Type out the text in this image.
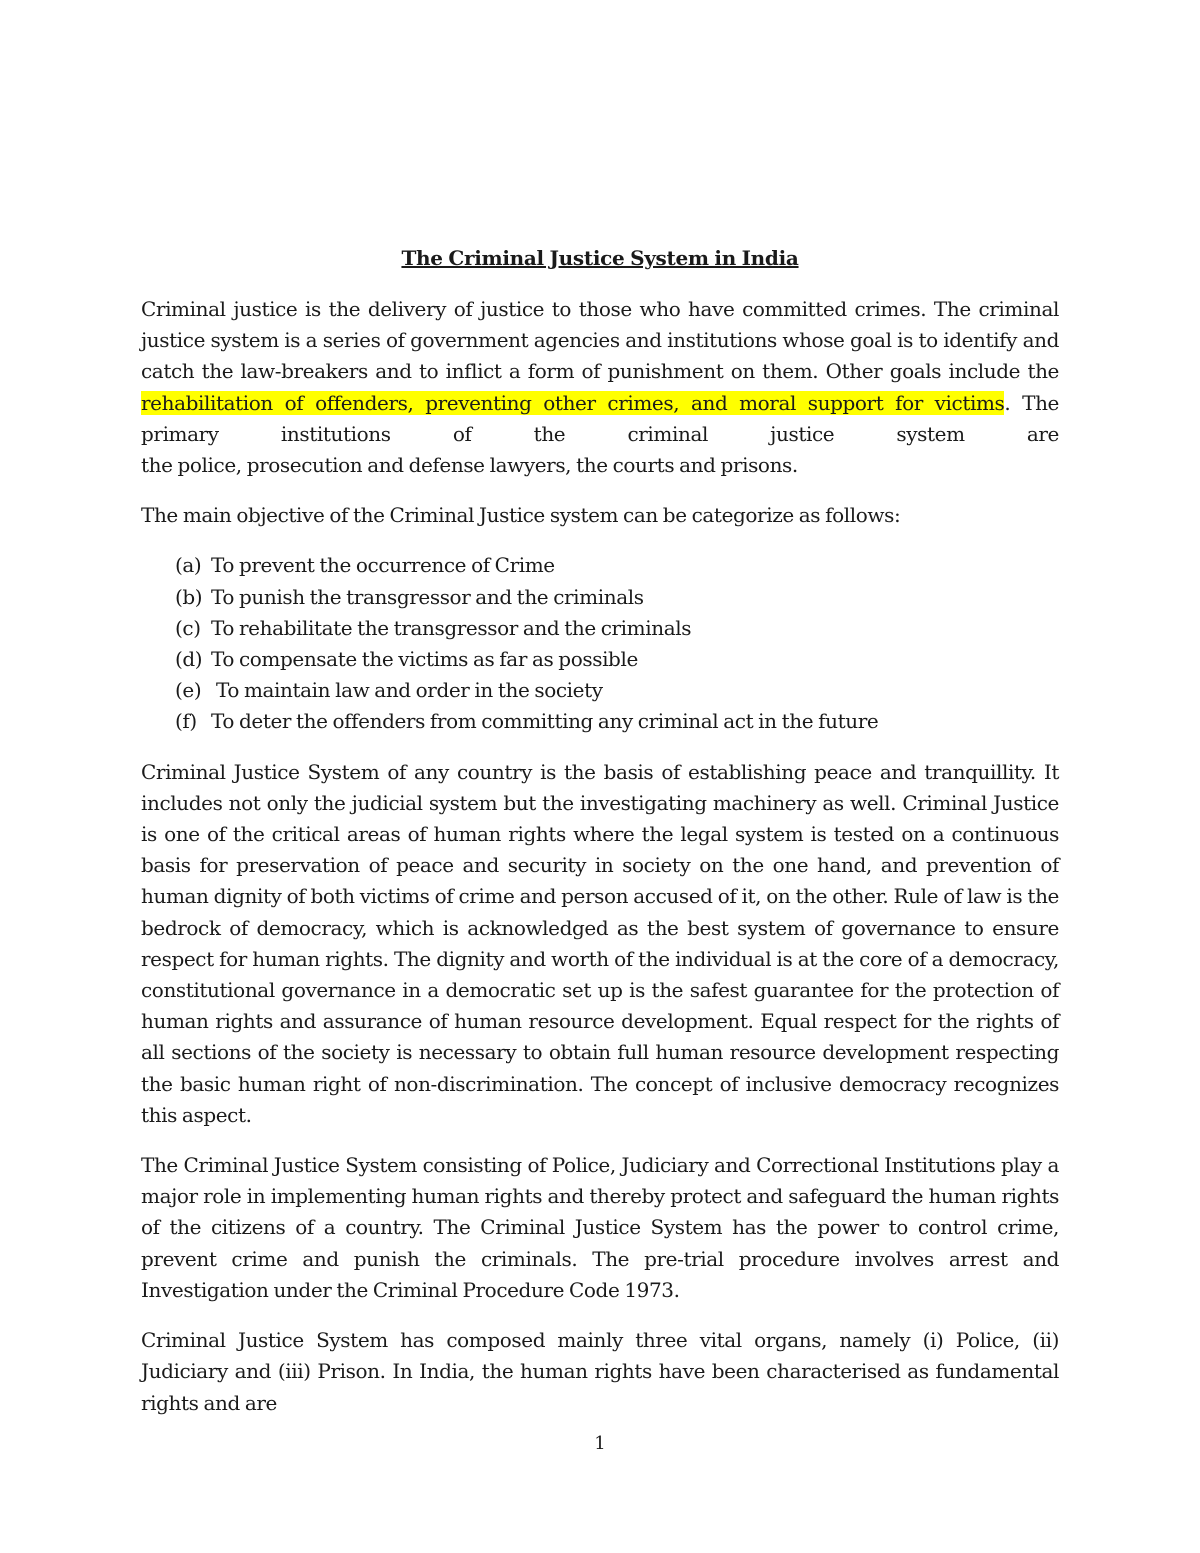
The Criminal Justice System in India

Criminal justice is the delivery of justice to those who have committed crimes. The criminal justice system is a series of government agencies and institutions whose goal is to identify and catch the law-breakers and to inflict a form of punishment on them. Other goals include the rehabilitation of offenders, preventing other crimes, and moral support for victims. The primary institutions of the criminal justice system are
the police, prosecution and defense lawyers, the courts and prisons.

The main objective of the Criminal Justice system can be categorize as follows:

(a) To prevent the occurrence of Crime
(b) To punish the transgressor and the criminals
(c) To rehabilitate the transgressor and the criminals
(d) To compensate the victims as far as possible
(e) To maintain law and order in the society
(f) To deter the offenders from committing any criminal act in the future

Criminal Justice System of any country is the basis of establishing peace and tranquillity. It includes not only the judicial system but the investigating machinery as well. Criminal Justice is one of the critical areas of human rights where the legal system is tested on a continuous basis for preservation of peace and security in society on the one hand, and prevention of human dignity of both victims of crime and person accused of it, on the other. Rule of law is the bedrock of democracy, which is acknowledged as the best system of governance to ensure respect for human rights. The dignity and worth of the individual is at the core of a democracy, constitutional governance in a democratic set up is the safest guarantee for the protection of human rights and assurance of human resource development. Equal respect for the rights of all sections of the society is necessary to obtain full human resource development respecting the basic human right of non-discrimination. The concept of inclusive democracy recognizes this aspect.

The Criminal Justice System consisting of Police, Judiciary and Correctional Institutions play a major role in implementing human rights and thereby protect and safeguard the human rights of the citizens of a country. The Criminal Justice System has the power to control crime, prevent crime and punish the criminals. The pre-trial procedure involves arrest and Investigation under the Criminal Procedure Code 1973.

Criminal Justice System has composed mainly three vital organs, namely (i) Police, (ii) Judiciary and (iii) Prison. In India, the human rights have been characterised as fundamental rights and are

1
